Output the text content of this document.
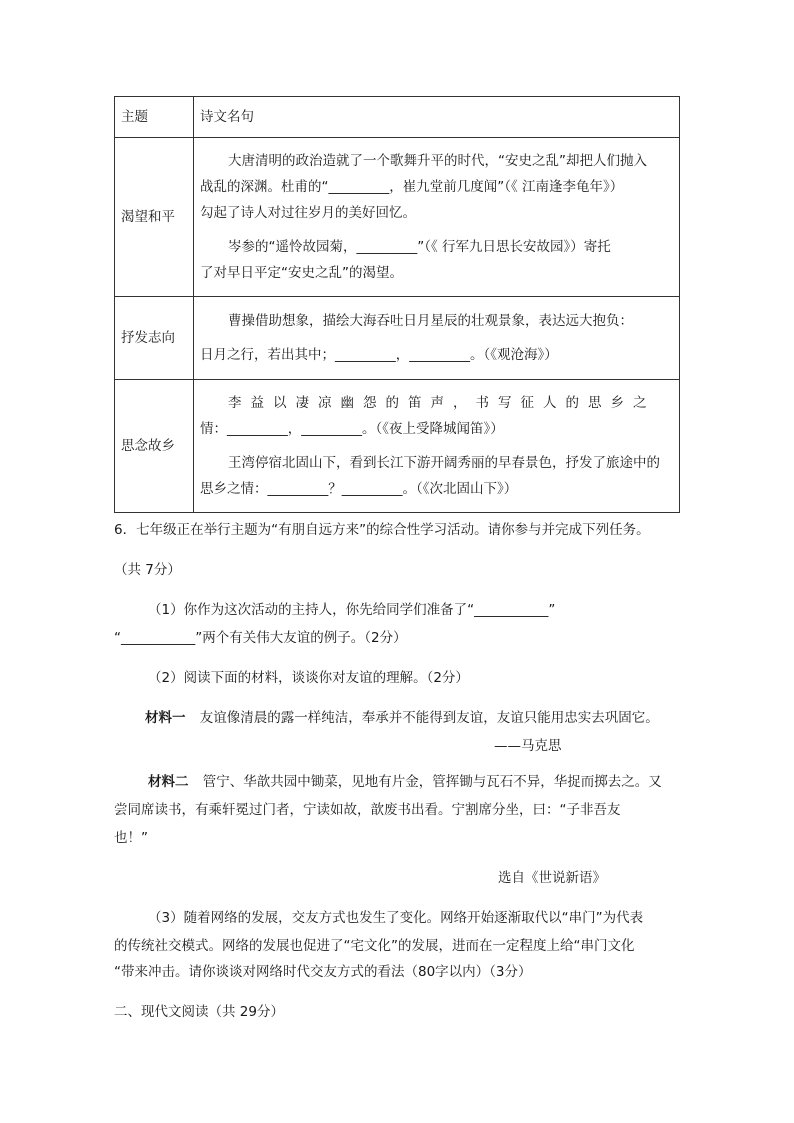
主题	诗文名句
渴望和平	大唐清明的政治造就了一个歌舞升平的时代，“安史之乱”却把人们抛入

战乱的深渊。杜甫的“_________，崔九堂前几度闻”（《 江南逢李龟年》）

勾起了诗人对过往岁月的美好回忆。

岑参的“遥怜故园菊，_________”（《 行军九日思长安故园》）寄托

了对早日平定“安史之乱”的渴望。

抒发志向	曹操借助想象，描绘大海吞吐日月星辰的壮观景象，表达远大抱负：

日月之行，若出其中；_________，_________。（《观沧海》）

思念故乡	李益以凄凉幽怨的笛声，书写征人的思乡之

情：_________，_________。（《夜上受降城闻笛》）

王湾停宿北固山下，看到长江下游开阔秀丽的早春景色，抒发了旅途中的

思乡之情：_________？_________。（《次北固山下》）

6．七年级正在举行主题为“有朋自远方来”的综合性学习活动。请你参与并完成下列任务。
（共 7分）
（1）你作为这次活动的主持人，你先给同学们准备了“___________”
“___________”两个有关伟大友谊的例子。（2分）
（2）阅读下面的材料，谈谈你对友谊的理解。（2分）
材料一 友谊像清晨的露一样纯洁，奉承并不能得到友谊，友谊只能用忠实去巩固它。
——马克思
材料二 管宁、华歆共园中锄菜，见地有片金，管挥锄与瓦石不异，华捉而掷去之。又
尝同席读书，有乘轩冕过门者，宁读如故，歆废书出看。宁割席分坐，曰：“子非吾友
也！”
选自《世说新语》
（3）随着网络的发展，交友方式也发生了变化。网络开始逐渐取代以“串门”为代表
的传统社交模式。网络的发展也促进了“宅文化”的发展，进而在一定程度上给“串门文化
“带来冲击。请你谈谈对网络时代交友方式的看法（80字以内）（3分）
二、现代文阅读（共 29分）
